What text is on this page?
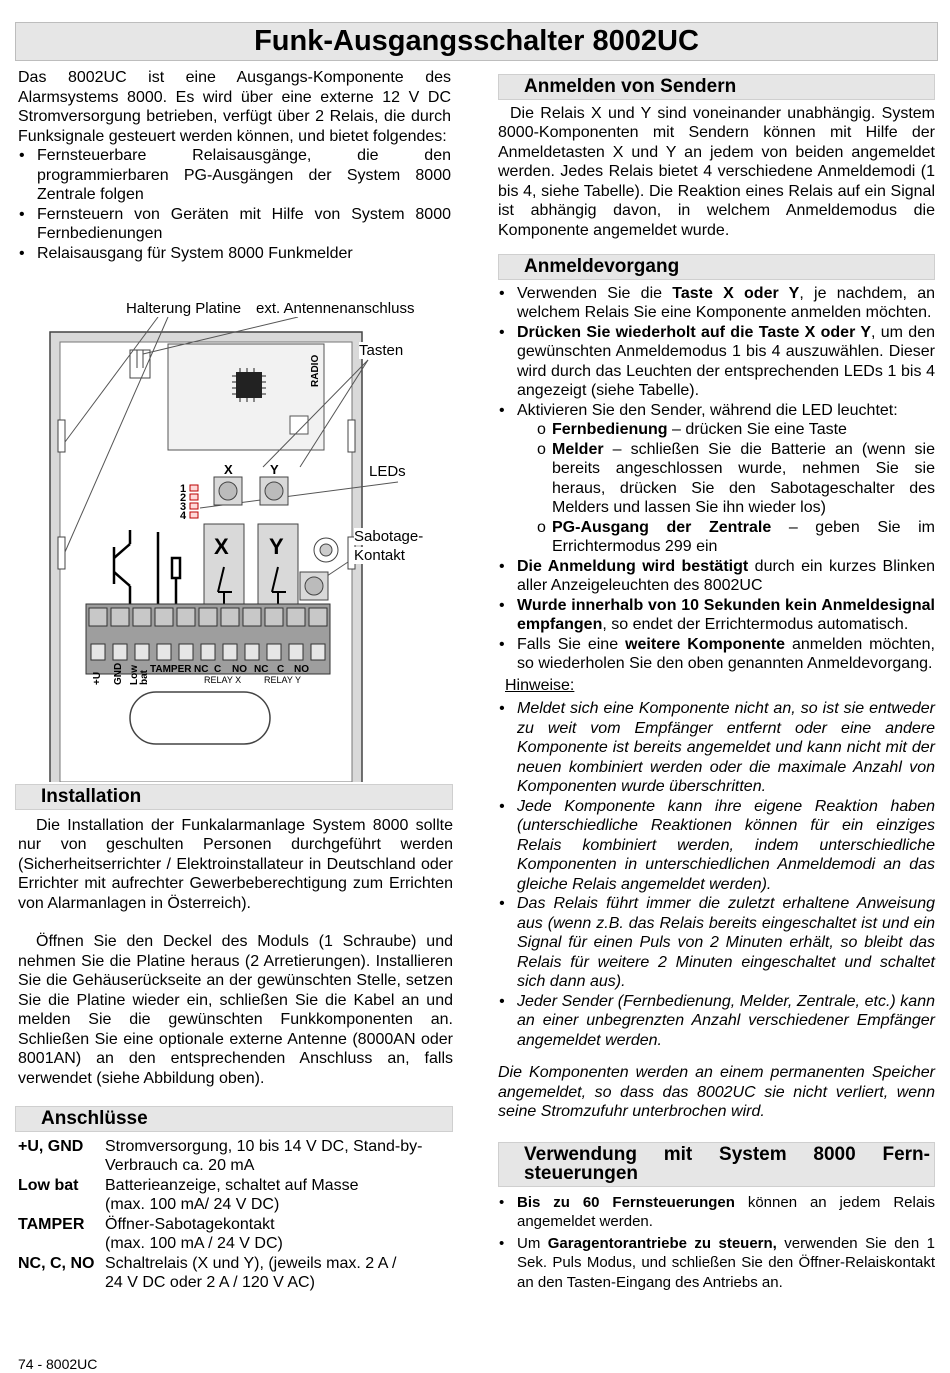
Funk-Ausgangsschalter 8002UC
Das 8002UC ist eine Ausgangs-Komponente des Alarmsystems 8000. Es wird über eine externe 12 V DC Stromversorgung betrieben, verfügt über 2 Relais, die durch Funksignale gesteuert werden können, und bietet folgendes:
• Fernsteuerbare Relaisausgänge, die den programmierbaren PG-Ausgängen der System 8000 Zentrale folgen
• Fernsteuern von Geräten mit Hilfe von System 8000 Fernbedienungen
• Relaisausgang für System 8000 Funkmelder
RADIO
X	Y
X Y
1
2
3
4
+U GND Low bat
TAMPER NC C NO NC C NO
RELAY X	RELAY Y
Halterung Platine ext. Antennenanschluss
Tasten
LEDs
Sabotage-
Kontakt
Installation
Die Installation der Funkalarmanlage System 8000 sollte nur von geschulten Personen durchgeführt werden (Sicherheitserrichter / Elektroinstallateur in Deutschland oder Errichter mit aufrechter Gewerbeberechtigung zum Errichten von Alarmanlagen in Österreich).
Öffnen Sie den Deckel des Moduls (1 Schraube) und nehmen Sie die Platine heraus (2 Arretierungen). Installieren Sie die Gehäuserückseite an der gewünschten Stelle, setzen Sie die Platine wieder ein, schließen Sie die Kabel an und melden Sie die gewünschten Funkkomponenten an. Schließen Sie eine optionale externe Antenne (8000AN oder 8001AN) an den entsprechenden Anschluss an, falls verwendet (siehe Abbildung oben).
Anschlüsse
+U, GND	Stromversorgung, 10 bis 14 V DC, Stand-by-
Verbrauch ca. 20 mA
Low bat	Batterieanzeige, schaltet auf Masse
(max. 100 mA/ 24 V DC)
TAMPER	Öffner-Sabotagekontakt
(max. 100 mA / 24 V DC)
NC, C, NO Schaltrelais (X und Y), (jeweils max. 2 A /
24 V DC oder 2 A / 120 V AC)
Anmelden von Sendern
Die Relais X und Y sind voneinander unabhängig. System 8000-Komponenten mit Sendern können mit Hilfe der Anmeldetasten X und Y an jedem von beiden angemeldet werden. Jedes Relais bietet 4 verschiedene Anmeldemodi (1 bis 4, siehe Tabelle). Die Reaktion eines Relais auf ein Signal ist abhängig davon, in welchem Anmeldemodus die Komponente angemeldet wurde.
Anmeldevorgang
• Verwenden Sie die Taste X oder Y, je nachdem, an welchem Relais Sie eine Komponente anmelden möchten.
• Drücken Sie wiederholt auf die Taste X oder Y, um den gewünschten Anmeldemodus 1 bis 4 auszuwählen. Dieser wird durch das Leuchten der entsprechenden LEDs 1 bis 4 angezeigt (siehe Tabelle).
• Aktivieren Sie den Sender, während die LED leuchtet:
o Fernbedienung – drücken Sie eine Taste
o Melder – schließen Sie die Batterie an (wenn sie bereits angeschlossen wurde, nehmen Sie sie heraus, drücken Sie den Sabotageschalter des Melders und lassen Sie ihn wieder los)
o PG-Ausgang der Zentrale – geben Sie im Errichtermodus 299 ein
• Die Anmeldung wird bestätigt durch ein kurzes Blinken aller Anzeigeleuchten des 8002UC
• Wurde innerhalb von 10 Sekunden kein Anmeldesignal empfangen, so endet der Errichtermodus automatisch.
• Falls Sie eine weitere Komponente anmelden möchten, so wiederholen Sie den oben genannten Anmeldevorgang.
Hinweise:
• Meldet sich eine Komponente nicht an, so ist sie entweder zu weit vom Empfänger entfernt oder eine andere Komponente ist bereits angemeldet und kann nicht mit der neuen kombiniert werden oder die maximale Anzahl von Komponenten wurde überschritten.
• Jede Komponente kann ihre eigene Reaktion haben (unterschiedliche Reaktionen können für ein einziges Relais kombiniert werden, indem unterschiedliche Komponenten in unterschiedlichen Anmeldemodi an das gleiche Relais angemeldet werden).
• Das Relais führt immer die zuletzt erhaltene Anweisung aus (wenn z.B. das Relais bereits eingeschaltet ist und ein Signal für einen Puls von 2 Minuten erhält, so bleibt das Relais für weitere 2 Minuten eingeschaltet und schaltet sich dann aus).
• Jeder Sender (Fernbedienung, Melder, Zentrale, etc.) kann an einer unbegrenzten Anzahl verschiedener Empfänger angemeldet werden.
Die Komponenten werden an einem permanenten Speicher angemeldet, so dass das 8002UC sie nicht verliert, wenn seine Stromzufuhr unterbrochen wird.
Verwendung mit System 8000 Fern-steuerungen
• Bis zu 60 Fernsteuerungen können an jedem Relais angemeldet werden.
• Um Garagentorantriebe zu steuern, verwenden Sie den 1 Sek. Puls Modus, und schließen Sie den Öffner-Relaiskontakt an den Tasten-Eingang des Antriebs an.
74 - 8002UC
